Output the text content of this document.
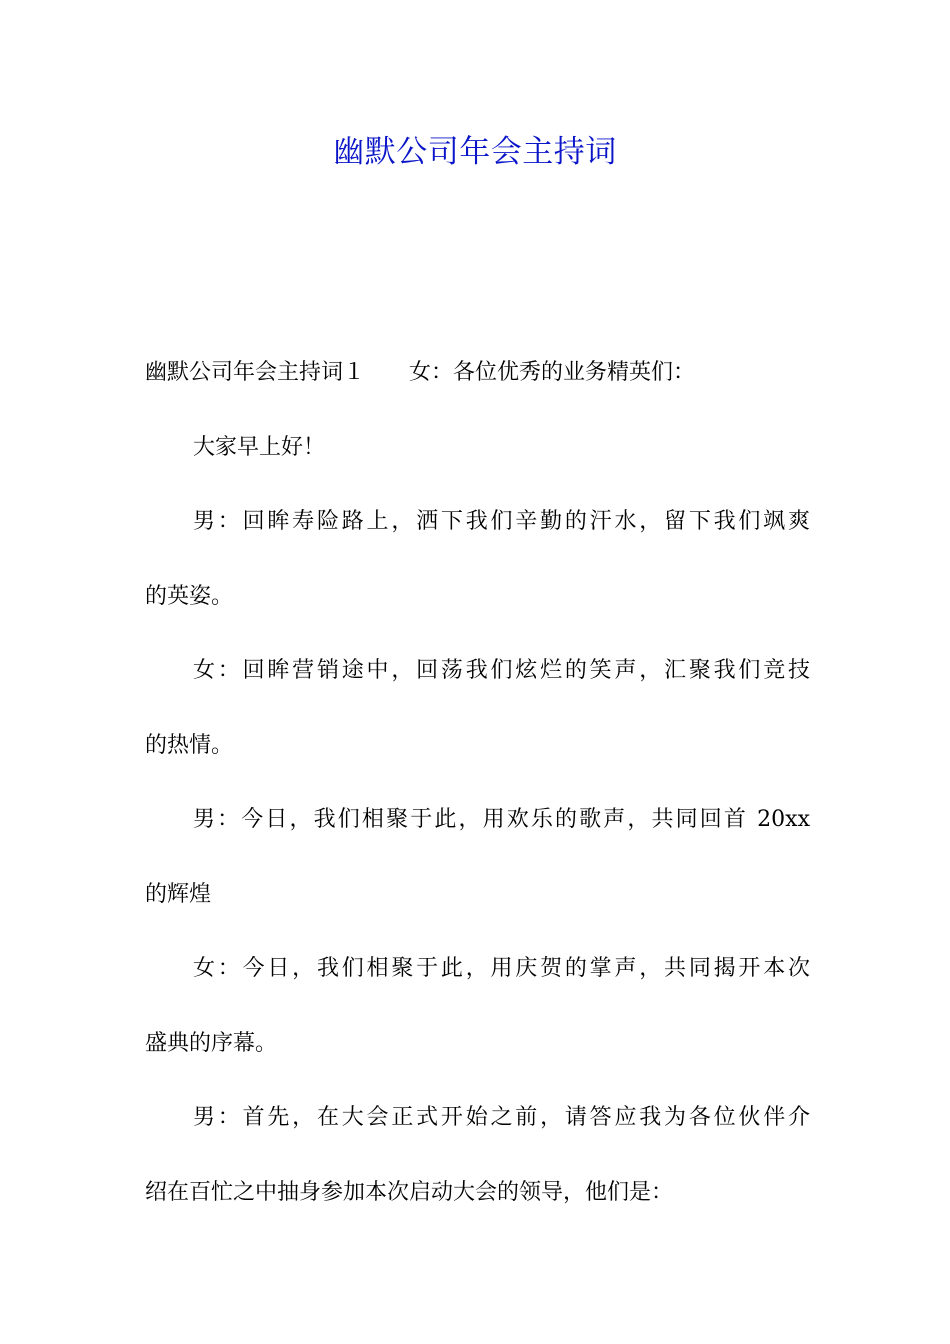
幽默公司年会主持词
幽默公司年会主持词１ 女：各位优秀的业务精英们：
大家早上好！
男：回眸寿险路上，洒下我们辛勤的汗水，留下我们飒爽
的英姿。
女：回眸营销途中，回荡我们炫烂的笑声，汇聚我们竞技
的热情。
男：今日，我们相聚于此，用欢乐的歌声，共同回首 20xx
的辉煌
女：今日，我们相聚于此，用庆贺的掌声，共同揭开本次
盛典的序幕。
男：首先，在大会正式开始之前，请答应我为各位伙伴介
绍在百忙之中抽身参加本次启动大会的领导，他们是：
